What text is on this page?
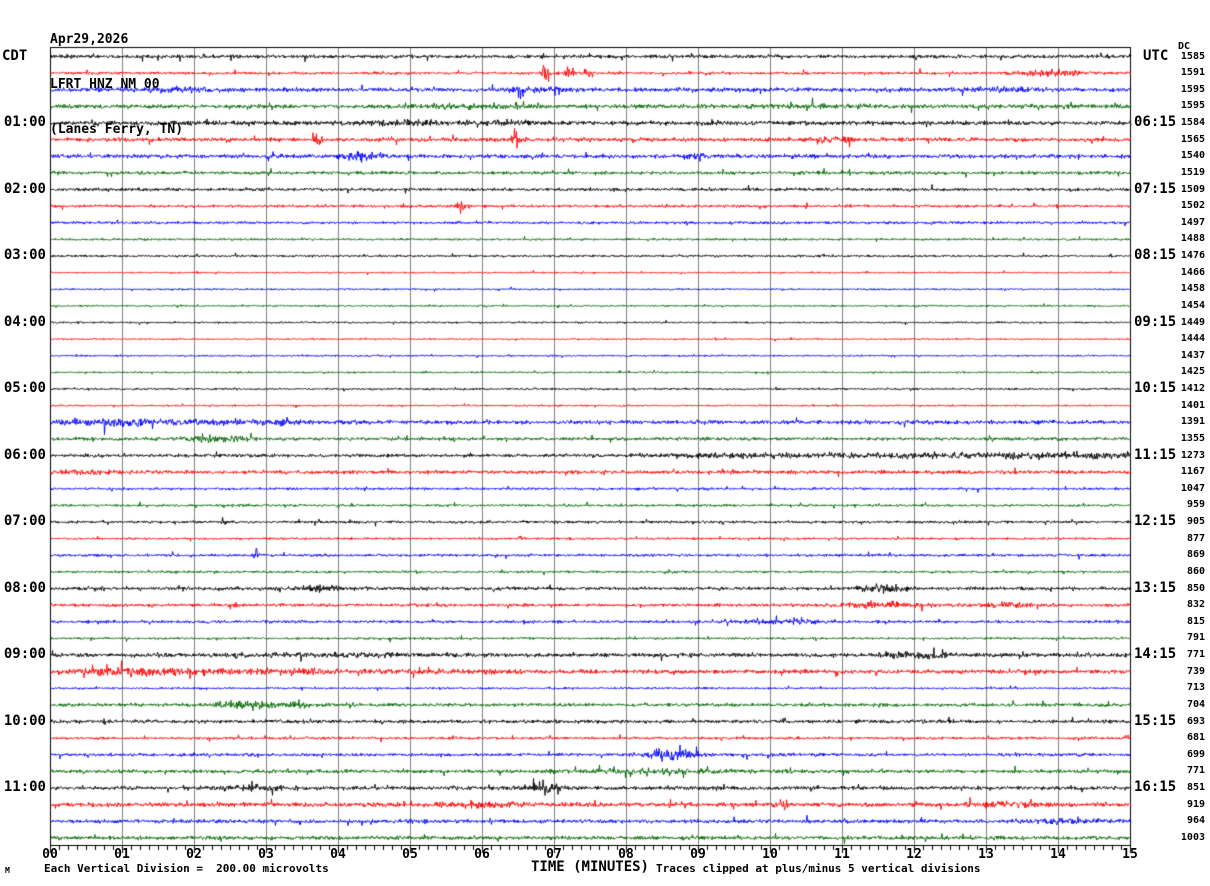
Apr29,2026

LFRT HNZ NM 00

(Lanes Ferry, TN)

CDT	UTC
DC
01:00
02:00
03:00
04:00
05:00
06:00
07:00
08:00
09:00
10:00
11:00
06:15
07:15
08:15
09:15
10:15
11:15
12:15
13:15
14:15
15:15
16:15
1585
1591
1595
1595
1584
1565
1540
1519
1509
1502
1497
1488
1476
1466
1458
1454
1449
1444
1437
1425
1412
1401
1391
1355
1273
1167
1047
959
905
877
869
860
850
832
815
791
771
739
713
704
693
681
699
771
851
919
964
1003
00	01	02	03	04	05	06	07	08	09	10	11	12	13	14	15
TIME (MINUTES)
Each Vertical Division =  200.00 microvolts	Traces clipped at plus/minus 5 vertical divisions
M
